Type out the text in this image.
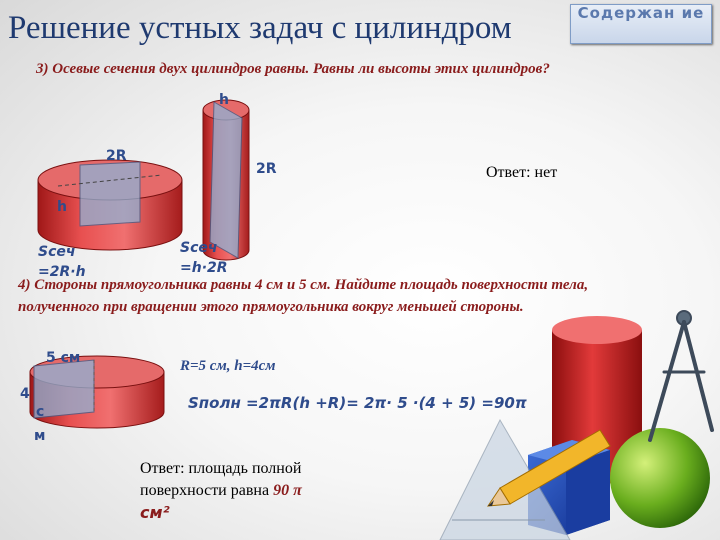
Решение устных задач с цилиндром	Содержан ие
3) Осевые сечения двух цилиндров равны. Равны ли высоты этих цилиндров?
2R
h
h
2R
Sсеч
=2R·h
Sсеч
=h·2R
Ответ: нет
4) Стороны прямоугольника равны 4 см и 5 см. Найдите площадь поверхности тела, полученного при вращении этого прямоугольника вокруг меньшей стороны.
5 см
4
с
м
R=5 см, h=4см
Sполн =2πR(h +R)= 2π· 5 ·(4 + 5) =90π
Ответ: площадь полной
поверхности равна 90 π
см²
